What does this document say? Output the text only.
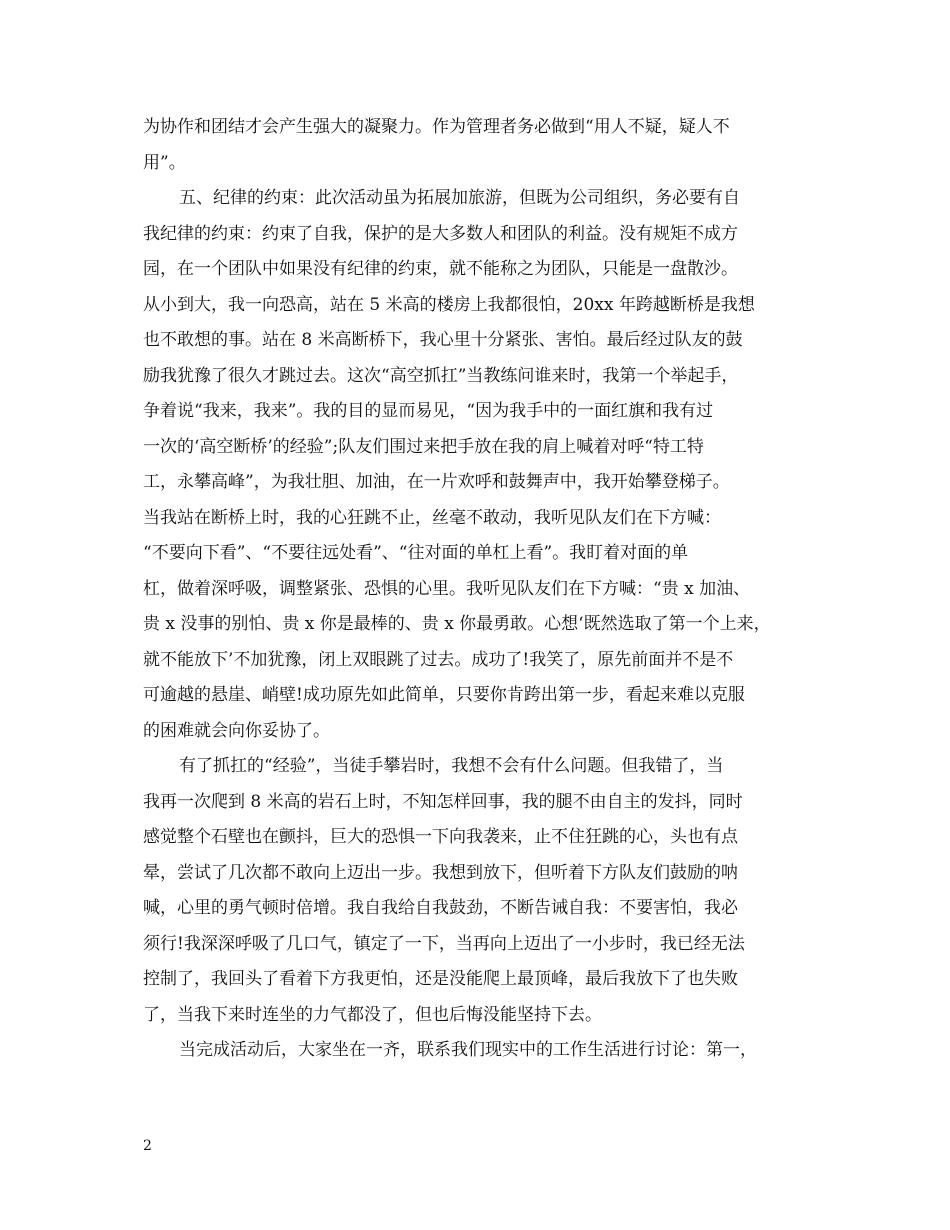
为协作和团结才会产生强大的凝聚力。作为管理者务必做到“用人不疑，疑人不
用”。
五、纪律的约束：此次活动虽为拓展加旅游，但既为公司组织，务必要有自
我纪律的约束：约束了自我，保护的是大多数人和团队的利益。没有规矩不成方
园，在一个团队中如果没有纪律的约束，就不能称之为团队，只能是一盘散沙。
从小到大，我一向恐高，站在 5 米高的楼房上我都很怕，20xx 年跨越断桥是我想
也不敢想的事。站在 8 米高断桥下，我心里十分紧张、害怕。最后经过队友的鼓
励我犹豫了很久才跳过去。这次“高空抓扛”当教练问谁来时，我第一个举起手，
争着说“我来，我来”。我的目的显而易见，“因为我手中的一面红旗和我有过
一次的‘高空断桥’的经验”;队友们围过来把手放在我的肩上喊着对呼“特工特
工，永攀高峰”，为我壮胆、加油，在一片欢呼和鼓舞声中，我开始攀登梯子。
当我站在断桥上时，我的心狂跳不止，丝毫不敢动，我听见队友们在下方喊：
“不要向下看”、“不要往远处看”、“往对面的单杠上看”。我盯着对面的单
杠，做着深呼吸，调整紧张、恐惧的心里。我听见队友们在下方喊：“贵 x 加油、
贵 x 没事的别怕、贵 x 你是最棒的、贵 x 你最勇敢。心想‘既然选取了第一个上来，
就不能放下’不加犹豫，闭上双眼跳了过去。成功了!我笑了，原先前面并不是不
可逾越的悬崖、峭壁!成功原先如此简单，只要你肯跨出第一步，看起来难以克服
的困难就会向你妥协了。
有了抓扛的“经验”，当徒手攀岩时，我想不会有什么问题。但我错了，当
我再一次爬到 8 米高的岩石上时，不知怎样回事，我的腿不由自主的发抖，同时
感觉整个石壁也在颤抖，巨大的恐惧一下向我袭来，止不住狂跳的心，头也有点
晕，尝试了几次都不敢向上迈出一步。我想到放下，但听着下方队友们鼓励的呐
喊，心里的勇气顿时倍增。我自我给自我鼓劲，不断告诫自我：不要害怕，我必
须行!我深深呼吸了几口气，镇定了一下，当再向上迈出了一小步时，我已经无法
控制了，我回头了看着下方我更怕，还是没能爬上最顶峰，最后我放下了也失败
了，当我下来时连坐的力气都没了，但也后悔没能坚持下去。
当完成活动后，大家坐在一齐，联系我们现实中的工作生活进行讨论：第一，
2
